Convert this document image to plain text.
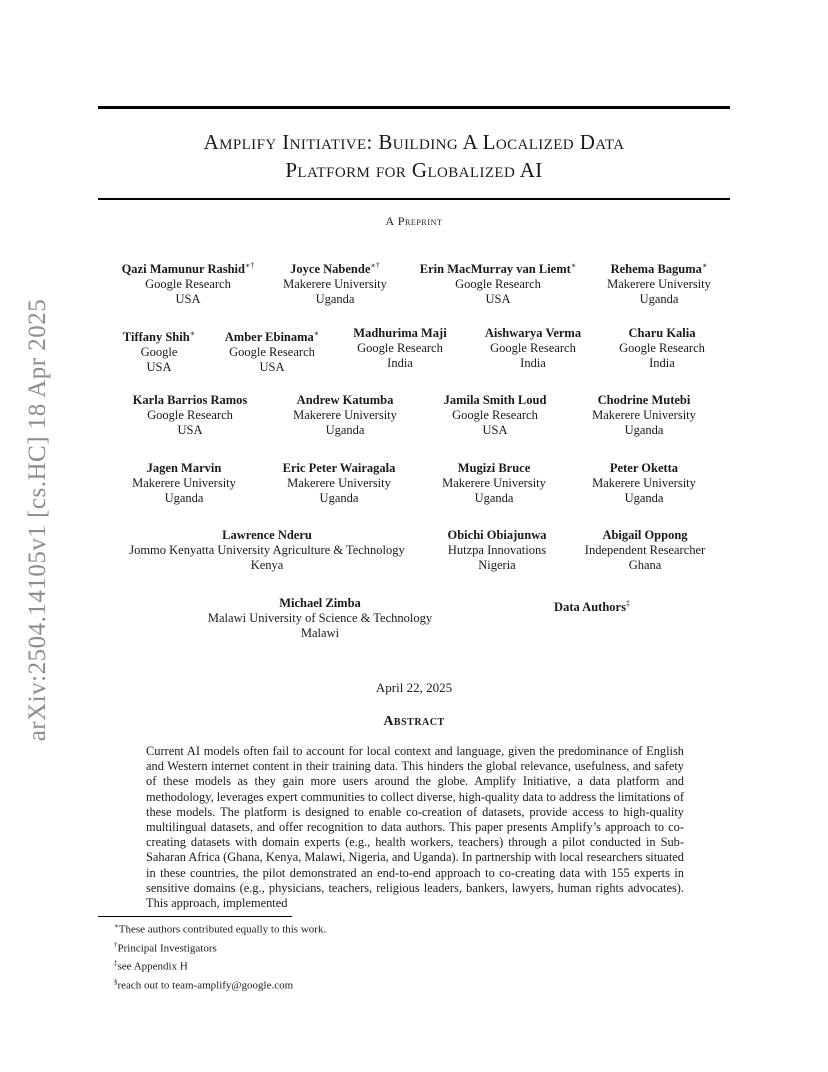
arXiv:2504.14105v1 [cs.HC] 18 Apr 2025
Amplify Initiative: Building A Localized Data
Platform for Globalized AI
A Preprint
Qazi Mamunur Rashid∗†
Google Research
USA
Joyce Nabende∗†
Makerere University
Uganda
Erin MacMurray van Liemt∗
Google Research
USA
Rehema Baguma∗
Makerere University
Uganda
Tiffany Shih∗
Google
USA
Amber Ebinama∗
Google Research
USA
Madhurima Maji
Google Research
India
Aishwarya Verma
Google Research
India
Charu Kalia
Google Research
India
Karla Barrios Ramos
Google Research
USA
Andrew Katumba
Makerere University
Uganda
Jamila Smith Loud
Google Research
USA
Chodrine Mutebi
Makerere University
Uganda
Jagen Marvin
Makerere University
Uganda
Eric Peter Wairagala
Makerere University
Uganda
Mugizi Bruce
Makerere University
Uganda
Peter Oketta
Makerere University
Uganda
Lawrence Nderu
Jommo Kenyatta University Agriculture & Technology
Kenya
Obichi Obiajunwa
Hutzpa Innovations
Nigeria
Abigail Oppong
Independent Researcher
Ghana
Michael Zimba
Malawi University of Science & Technology
Malawi
Data Authors‡
April 22, 2025
Abstract
Current AI models often fail to account for local context and language, given the predominance of English and Western internet content in their training data. This hinders the global relevance, usefulness, and safety of these models as they gain more users around the globe. Amplify Initiative, a data platform and methodology, leverages expert communities to collect diverse, high-quality data to address the limitations of these models. The platform is designed to enable co-creation of datasets, provide access to high-quality multilingual datasets, and offer recognition to data authors. This paper presents Amplify’s approach to co-creating datasets with domain experts (e.g., health workers, teachers) through a pilot conducted in Sub-Saharan Africa (Ghana, Kenya, Malawi, Nigeria, and Uganda). In partnership with local researchers situated in these countries, the pilot demonstrated an end-to-end approach to co-creating data with 155 experts in sensitive domains (e.g., physicians, teachers, religious leaders, bankers, lawyers, human rights advocates). This approach, implemented
∗These authors contributed equally to this work.
†Principal Investigators
‡see Appendix H
§reach out to team-amplify@google.com
